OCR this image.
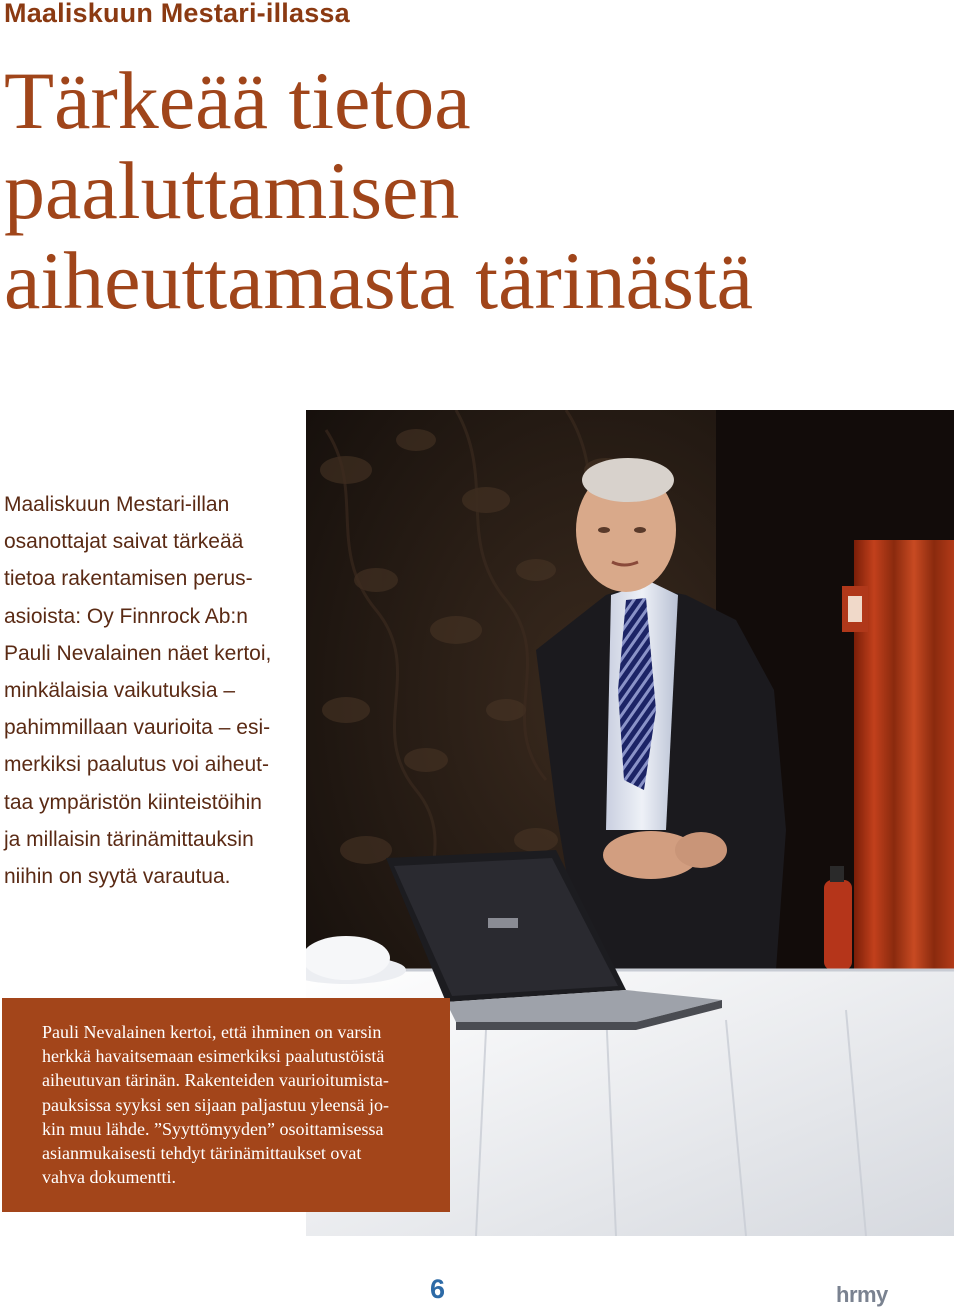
Maaliskuun Mestari-illassa
Tärkeää tietoa
paaluttamisen
aiheuttamasta tärinästä

Maaliskuun Mestari-illan
osanottajat saivat tärkeää
tietoa rakentamisen perus-
asioista: Oy Finnrock Ab:n
Pauli Nevalainen näet kertoi,
minkälaisia vaikutuksia –
pahimmillaan vaurioita – esi-
merkiksi paalutus voi aiheut-
taa ympäristön kiinteistöihin
ja millaisin tärinämittauksin
niihin on syytä varautua.

Pauli Nevalainen kertoi, että ihminen on varsin
herkkä havaitsemaan esimerkiksi paalutustöistä
aiheutuvan tärinän. Rakenteiden vaurioitumista-
pauksissa syyksi sen sijaan paljastuu yleensä jo-
kin muu lähde. ”Syyttömyyden” osoittamisessa
asianmukaisesti tehdyt tärinämittaukset ovat
vahva dokumentti.
6	hrmy
